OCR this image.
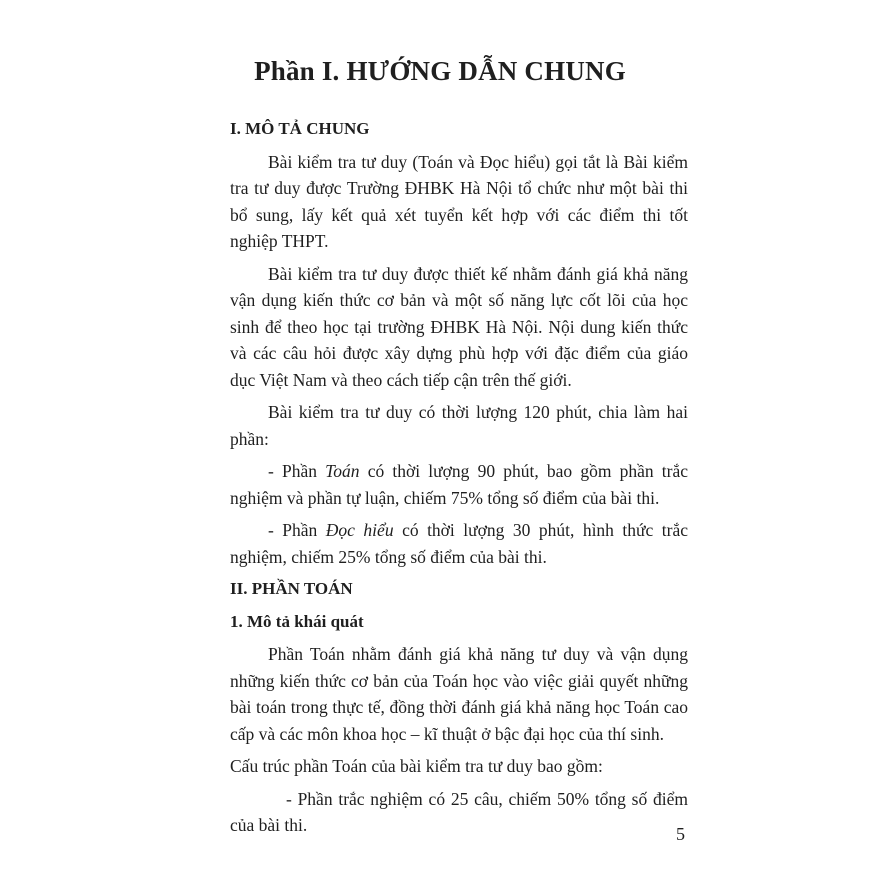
Phần I. HƯỚNG DẪN CHUNG
I. MÔ TẢ CHUNG

Bài kiểm tra tư duy (Toán và Đọc hiểu) gọi tắt là Bài kiểm tra tư duy được Trường ĐHBK Hà Nội tổ chức như một bài thi bổ sung, lấy kết quả xét tuyển kết hợp với các điểm thi tốt nghiệp THPT.

Bài kiểm tra tư duy được thiết kế nhằm đánh giá khả năng vận dụng kiến thức cơ bản và một số năng lực cốt lõi của học sinh để theo học tại trường ĐHBK Hà Nội. Nội dung kiến thức và các câu hỏi được xây dựng phù hợp với đặc điểm của giáo dục Việt Nam và theo cách tiếp cận trên thế giới.

Bài kiểm tra tư duy có thời lượng 120 phút, chia làm hai phần:

- Phần Toán có thời lượng 90 phút, bao gồm phần trắc nghiệm và phần tự luận, chiếm 75% tổng số điểm của bài thi.

- Phần Đọc hiểu có thời lượng 30 phút, hình thức trắc nghiệm, chiếm 25% tổng số điểm của bài thi.

II. PHẦN TOÁN
1. Mô tả khái quát

Phần Toán nhằm đánh giá khả năng tư duy và vận dụng những kiến thức cơ bản của Toán học vào việc giải quyết những bài toán trong thực tế, đồng thời đánh giá khả năng học Toán cao cấp và các môn khoa học – kĩ thuật ở bậc đại học của thí sinh.

Cấu trúc phần Toán của bài kiểm tra tư duy bao gồm:

- Phần trắc nghiệm có 25 câu, chiếm 50% tổng số điểm của bài thi.	5
